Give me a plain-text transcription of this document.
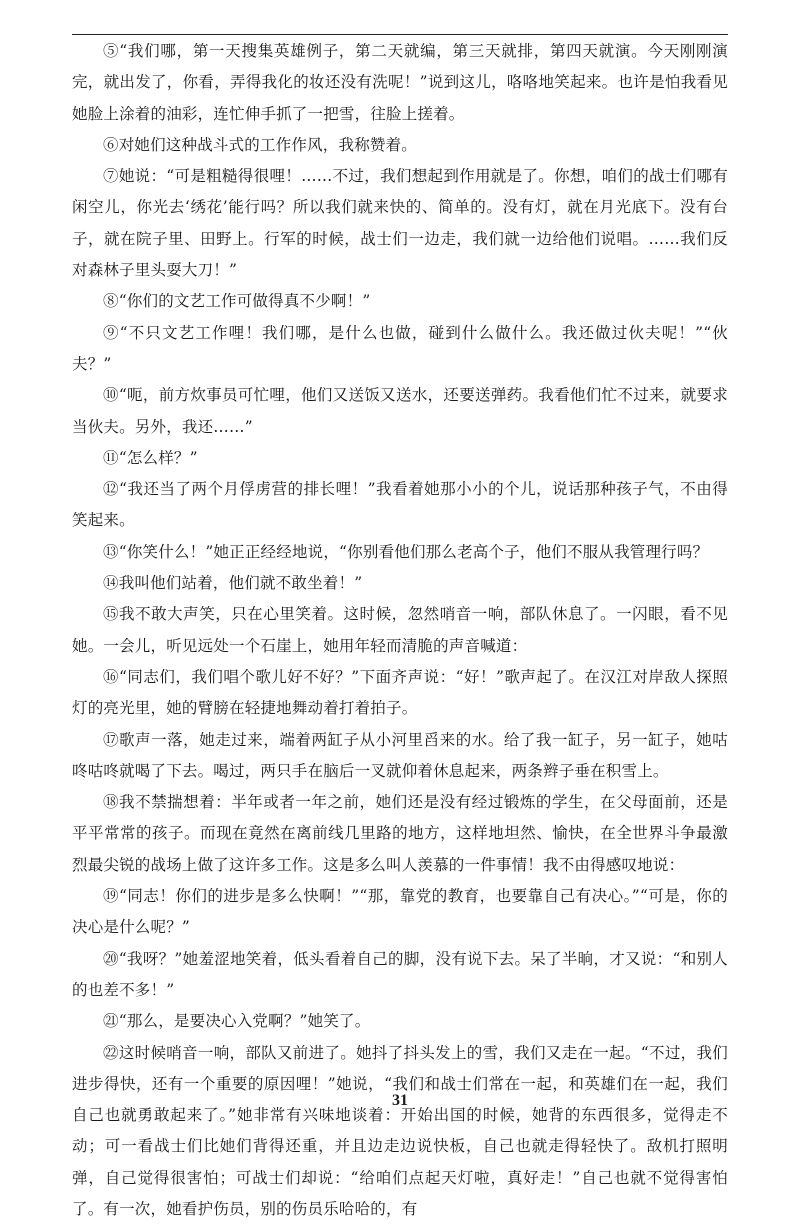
⑤“我们哪，第一天搜集英雄例子，第二天就编，第三天就排，第四天就演。今天刚刚演完，就出发了，你看，弄得我化的妆还没有洗呢！”说到这儿，咯咯地笑起来。也许是怕我看见她脸上涂着的油彩，连忙伸手抓了一把雪，往脸上搓着。

⑥对她们这种战斗式的工作作风，我称赞着。

⑦她说：“可是粗糙得很哩！……不过，我们想起到作用就是了。你想，咱们的战士们哪有闲空儿，你光去‘绣花’能行吗？所以我们就来快的、简单的。没有灯，就在月光底下。没有台子，就在院子里、田野上。行军的时候，战士们一边走，我们就一边给他们说唱。……我们反对森林子里头耍大刀！”

⑧“你们的文艺工作可做得真不少啊！”

⑨“不只文艺工作哩！我们哪，是什么也做，碰到什么做什么。我还做过伙夫呢！”“伙夫？”

⑩“呃，前方炊事员可忙哩，他们又送饭又送水，还要送弹药。我看他们忙不过来，就要求当伙夫。另外，我还……”

⑪“怎么样？”

⑫“我还当了两个月俘虏营的排长哩！”我看着她那小小的个儿，说话那种孩子气，不由得笑起来。

⑬“你笑什么！”她正正经经地说，“你别看他们那么老高个子，他们不服从我管理行吗？

⑭我叫他们站着，他们就不敢坐着！”

⑮我不敢大声笑，只在心里笑着。这时候，忽然哨音一响，部队休息了。一闪眼，看不见她。一会儿，听见远处一个石崖上，她用年轻而清脆的声音喊道：

⑯“同志们，我们唱个歌儿好不好？”下面齐声说：“好！”歌声起了。在汉江对岸敌人探照灯的亮光里，她的臂膀在轻捷地舞动着打着拍子。

⑰歌声一落，她走过来，端着两缸子从小河里舀来的水。给了我一缸子，另一缸子，她咕咚咕咚就喝了下去。喝过，两只手在脑后一叉就仰着休息起来，两条辫子垂在积雪上。

⑱我不禁揣想着：半年或者一年之前，她们还是没有经过锻炼的学生，在父母面前，还是平平常常的孩子。而现在竟然在离前线几里路的地方，这样地坦然、愉快，在全世界斗争最激烈最尖锐的战场上做了这许多工作。这是多么叫人羡慕的一件事情！我不由得感叹地说：

⑲“同志！你们的进步是多么快啊！”“那，靠党的教育，也要靠自己有决心。”“可是，你的决心是什么呢？”

⑳“我呀？”她羞涩地笑着，低头看着自己的脚，没有说下去。呆了半晌，才又说：“和别人的也差不多！”

㉑“那么，是要决心入党啊？”她笑了。

㉒这时候哨音一响，部队又前进了。她抖了抖头发上的雪，我们又走在一起。“不过，我们进步得快，还有一个重要的原因哩！”她说，“我们和战士们常在一起，和英雄们在一起，我们自己也就勇敢起来了。”她非常有兴味地谈着：开始出国的时候，她背的东西很多，觉得走不动；可一看战士们比她们背得还重，并且边走边说快板，自己也就走得轻快了。敌机打照明弹，自己觉得很害怕；可战士们却说：“给咱们点起天灯啦，真好走！”自己也就不觉得害怕了。有一次，她看护伤员，别的伤员乐哈哈的，有

31
